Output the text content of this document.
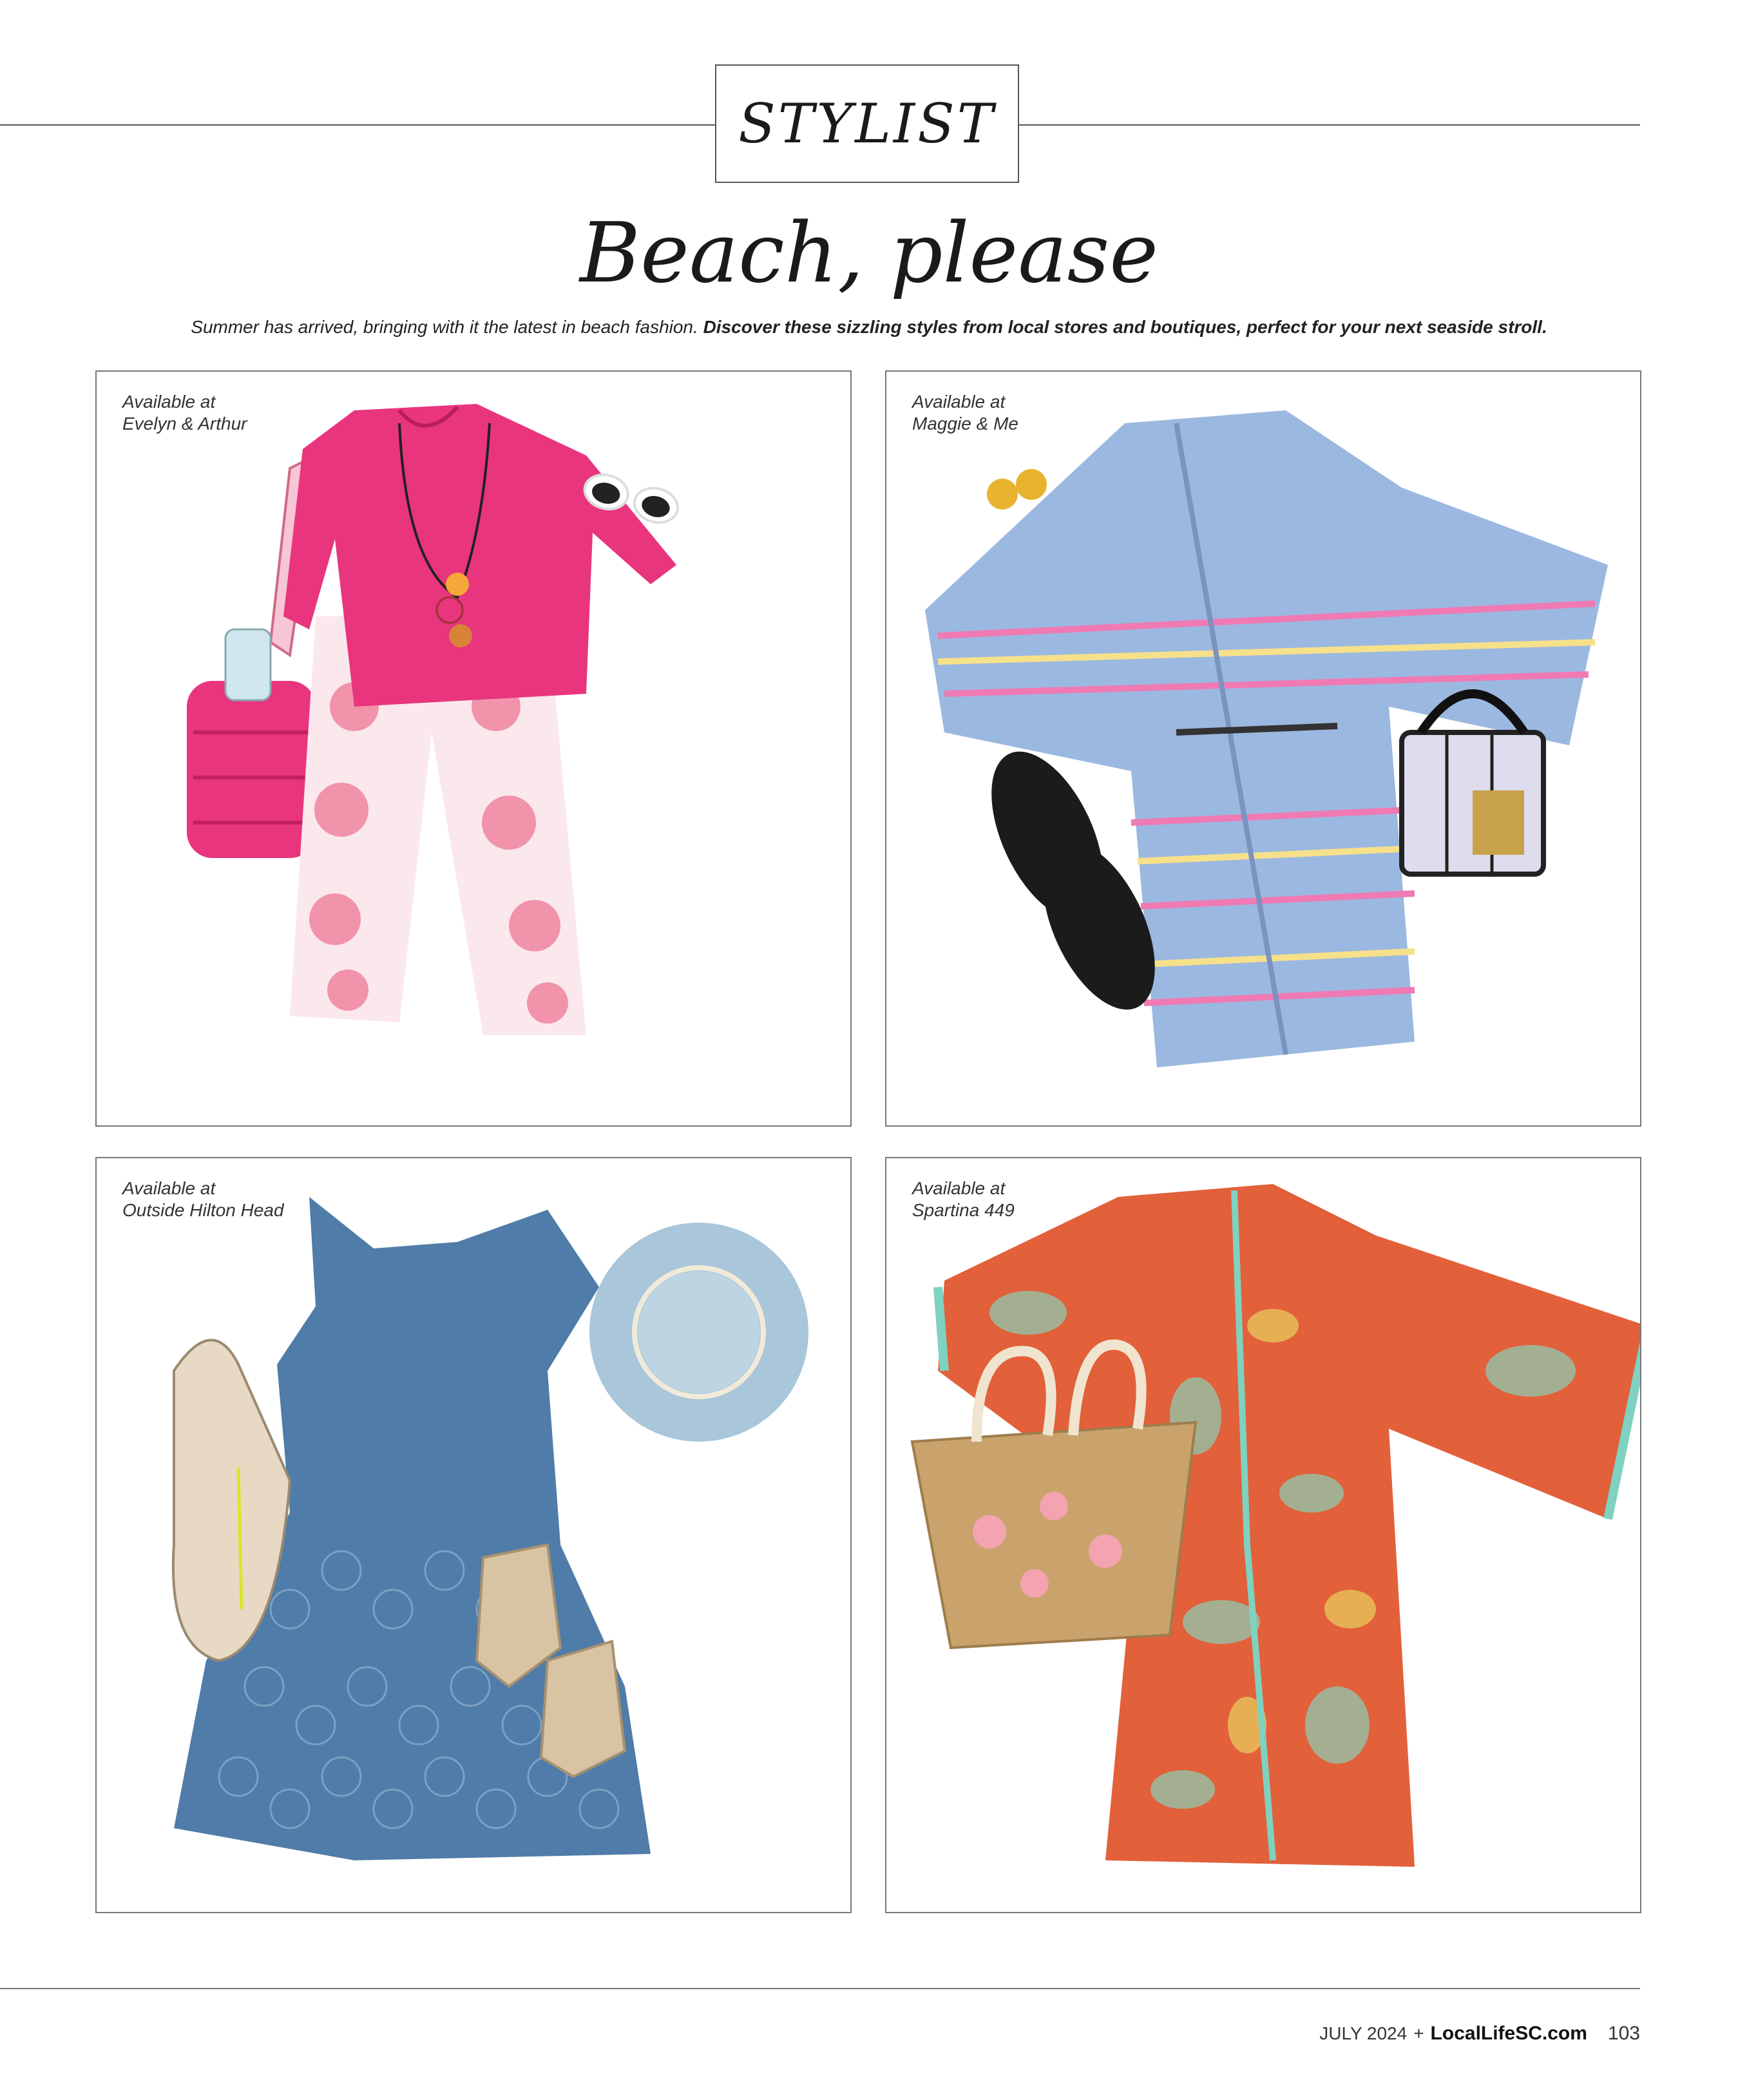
STYLIST
Beach, please
Summer has arrived, bringing with it the latest in beach fashion. Discover these sizzling styles from local stores and boutiques, perfect for your next seaside stroll.
Available at
Evelyn & Arthur
Available at
Maggie & Me
Available at
Outside Hilton Head
Available at
Spartina 449
JULY 2024 + LocalLifeSC.com 103
